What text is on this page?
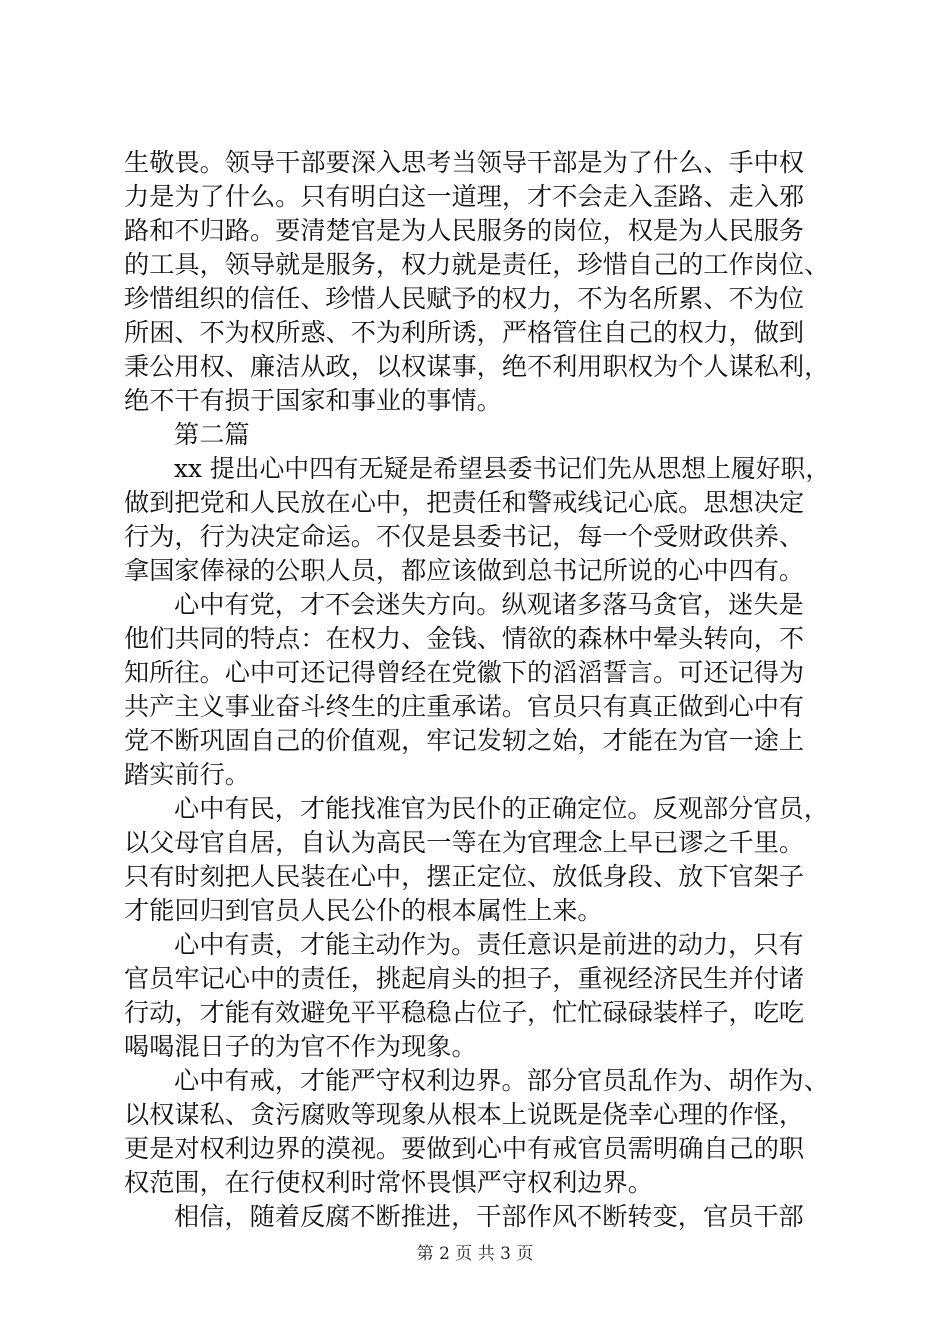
生敬畏。领导干部要深入思考当领导干部是为了什么、手中权
力是为了什么。只有明白这一道理，才不会走入歪路、走入邪
路和不归路。要清楚官是为人民服务的岗位，权是为人民服务
的工具，领导就是服务，权力就是责任，珍惜自己的工作岗位、
珍惜组织的信任、珍惜人民赋予的权力，不为名所累、不为位
所困、不为权所惑、不为利所诱，严格管住自己的权力，做到
秉公用权、廉洁从政，以权谋事，绝不利用职权为个人谋私利，
绝不干有损于国家和事业的事情。
第二篇
xx 提出心中四有无疑是希望县委书记们先从思想上履好职，
做到把党和人民放在心中，把责任和警戒线记心底。思想决定
行为，行为决定命运。不仅是县委书记，每一个受财政供养、
拿国家俸禄的公职人员，都应该做到总书记所说的心中四有。
心中有党，才不会迷失方向。纵观诸多落马贪官，迷失是
他们共同的特点：在权力、金钱、情欲的森林中晕头转向，不
知所往。心中可还记得曾经在党徽下的滔滔誓言。可还记得为
共产主义事业奋斗终生的庄重承诺。官员只有真正做到心中有
党不断巩固自己的价值观，牢记发轫之始，才能在为官一途上
踏实前行。
心中有民，才能找准官为民仆的正确定位。反观部分官员，
以父母官自居，自认为高民一等在为官理念上早已谬之千里。
只有时刻把人民装在心中，摆正定位、放低身段、放下官架子
才能回归到官员人民公仆的根本属性上来。
心中有责，才能主动作为。责任意识是前进的动力，只有
官员牢记心中的责任，挑起肩头的担子，重视经济民生并付诸
行动，才能有效避免平平稳稳占位子，忙忙碌碌装样子，吃吃
喝喝混日子的为官不作为现象。
心中有戒，才能严守权利边界。部分官员乱作为、胡作为、
以权谋私、贪污腐败等现象从根本上说既是侥幸心理的作怪，
更是对权利边界的漠视。要做到心中有戒官员需明确自己的职
权范围，在行使权利时常怀畏惧严守权利边界。
相信，随着反腐不断推进，干部作风不断转变，官员干部
第 2 页 共 3 页
